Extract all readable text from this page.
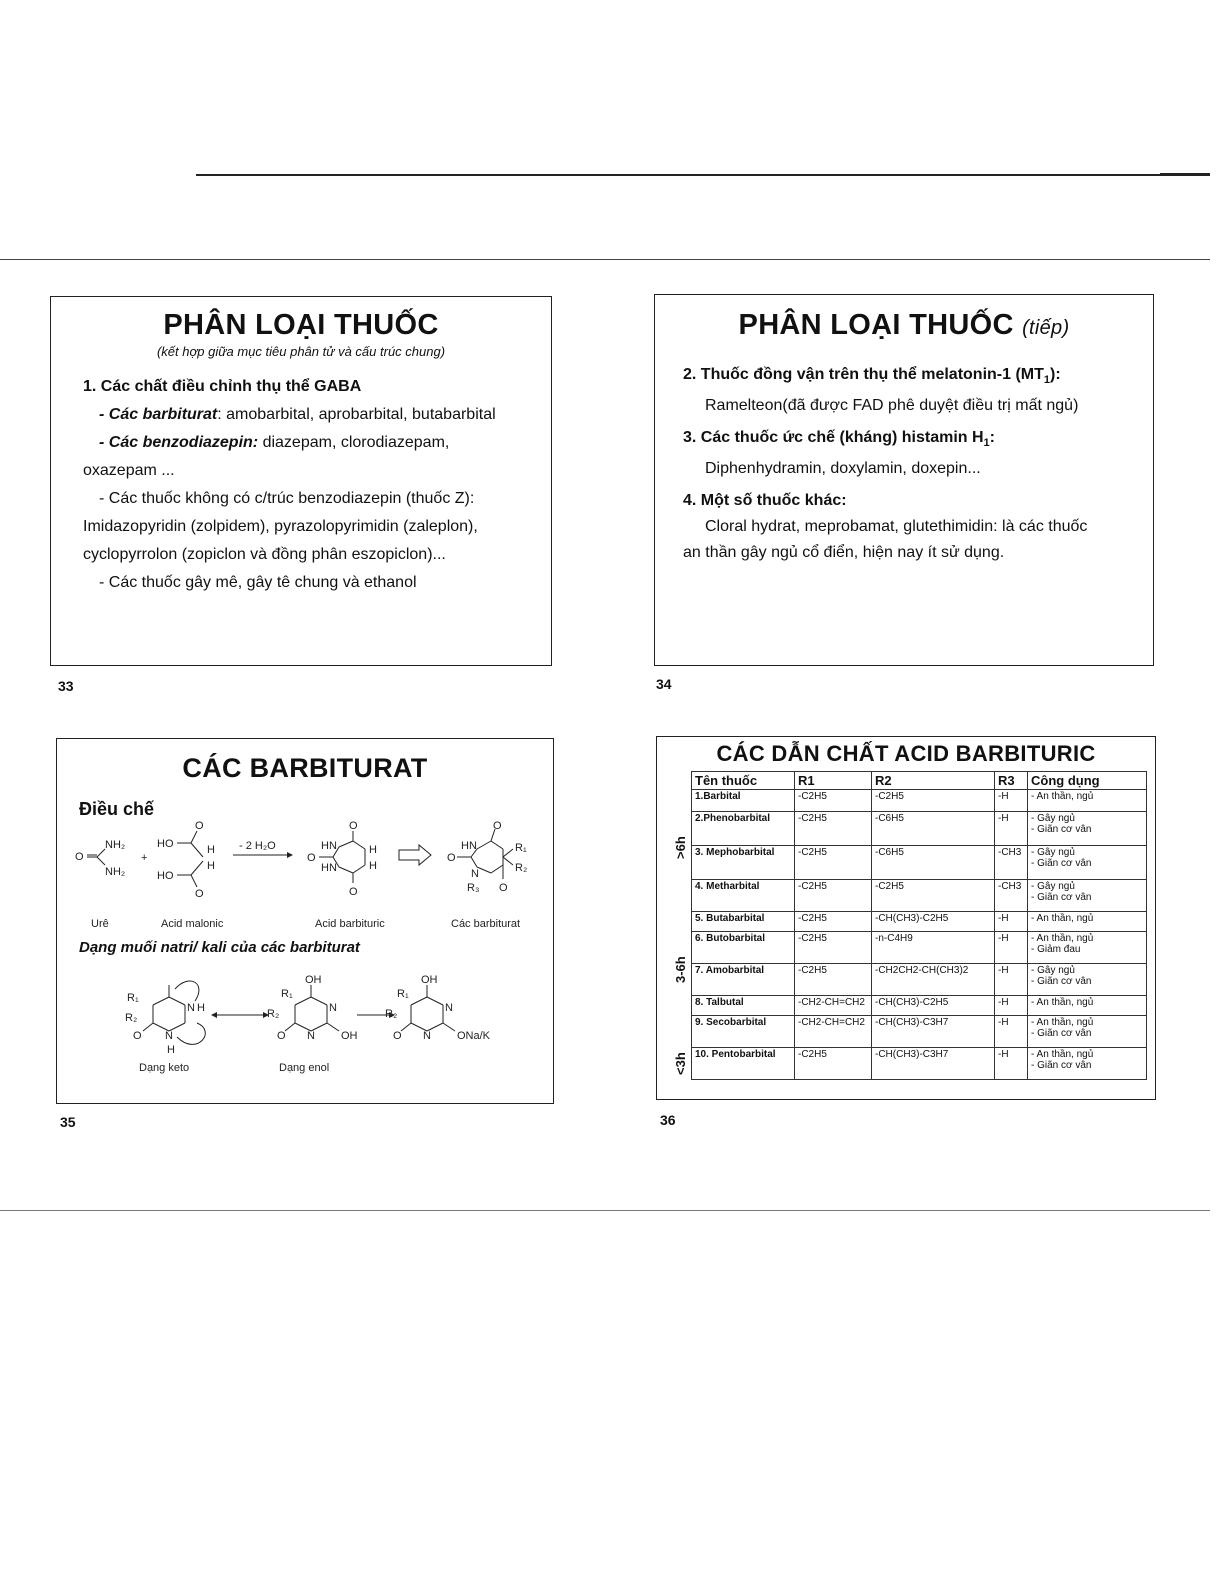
PHÂN LOẠI THUỐC
(kết hợp giữa mục tiêu phân tử và cấu trúc chung)
1. Các chất điều chỉnh thụ thể GABA
- Các barbiturat: amobarbital, aprobarbital, butabarbital
- Các benzodiazepin: diazepam, clorodiazepam,
oxazepam ...
- Các thuốc không có c/trúc benzodiazepin (thuốc Z):
Imidazopyridin (zolpidem), pyrazolopyrimidin (zaleplon),
cyclopyrrolon (zopiclon và đồng phân eszopiclon)...
- Các thuốc gây mê, gây tê chung và ethanol
33
PHÂN LOẠI THUỐC (tiếp)
2. Thuốc đồng vận trên thụ thể melatonin-1 $(MT_1)$:
Ramelteon(đã được FAD phê duyệt điều trị mất ngủ)
3. Các thuốc ức chế (kháng) histamin $H_1$:
Diphenhydramin, doxylamin, doxepin...
4. Một số thuốc khác:
Cloral hydrat, meprobamat, glutethimidin: là các thuốc
an thần gây ngủ cổ điển, hiện nay ít sử dụng.
34
CÁC BARBITURAT
Điều chế
O
NH₂
NH₂
+
HO
HO
O
O
H
H
- 2 H₂O	HN
HN
O
O
O
H
H
HN
N
O
O
O
R₁
R₂
R₃
Urê	Acid malonic	Acid barbituric	Các barbiturat
Dạng muối natri/ kali của các barbiturat
R₁
R₂
N H
N
O
H
R₁
R₂
OH
N
N
O	OH
R₁
R₂
OH
N
N
O	ONa/K
Dạng keto	Dạng enol
35
CÁC DẪN CHẤT ACID BARBITURIC
>6h
3-6h
<3h
Tên thuốc	R1	R2	R3	Công dụng
1.Barbital	-C2H5	-C2H5	-H	- An thần, ngủ
2.Phenobarbital	-C2H5	-C6H5	-H	- Gây ngủ
- Giãn cơ vân
3. Mephobarbital	-C2H5	-C6H5	-CH3	- Gây ngủ
- Giãn cơ vân
4. Metharbital	-C2H5	-C2H5	-CH3	- Gây ngủ
- Giãn cơ vân
5. Butabarbital	-C2H5	-CH(CH3)-C2H5	-H	- An thần, ngủ
6. Butobarbital	-C2H5	-n-C4H9	-H	- An thần, ngủ
- Giảm đau
7. Amobarbital	-C2H5	-CH2CH2-CH(CH3)2	-H	- Gây ngủ
- Giãn cơ vân
8. Talbutal	-CH2-CH=CH2	-CH(CH3)-C2H5	-H	- An thần, ngủ
9. Secobarbital	-CH2-CH=CH2	-CH(CH3)-C3H7	-H	- An thần, ngủ
- Giãn cơ vân
10. Pentobarbital	-C2H5	-CH(CH3)-C3H7	-H	- An thần, ngủ
- Giãn cơ vân
36
